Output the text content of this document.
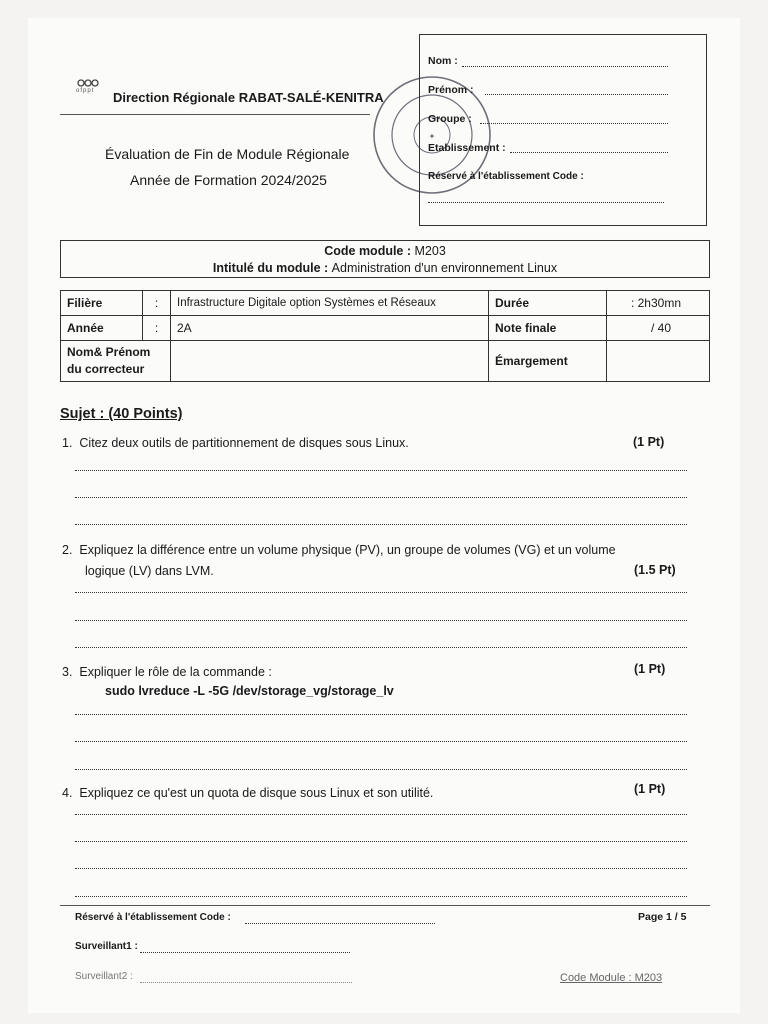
ofppt Direction Régionale RABAT-SALÉ-KENITRA
Évaluation de Fin de Module Régionale
Année de Formation 2024/2025
✦
Nom :
Prénom :
Groupe :
Etablissement :
Réservé à l'établissement Code :
Code module : M203
Intitulé du module : Administration d'un environnement Linux
Filière	:	Infrastructure Digitale option Systèmes et Réseaux	Durée	: 2h30mn
Année	:	2A	Note finale	/ 40

Nom& Prénom
du correcteur			Émargement	
Sujet : (40 Points)
1. Citez deux outils de partitionnement de disques sous Linux.	(1 Pt)
2. Expliquez la différence entre un volume physique (PV), un groupe de volumes (VG) et un volume
logique (LV) dans LVM.	(1.5 Pt)
3. Expliquer le rôle de la commande :
sudo lvreduce -L -5G /dev/storage_vg/storage_lv
(1 Pt)
4. Expliquez ce qu'est un quota de disque sous Linux et son utilité.	(1 Pt)
Réservé à l'établissement Code :	Page 1 / 5
Surveillant1 :
Surveillant2 :	Code Module : M203
